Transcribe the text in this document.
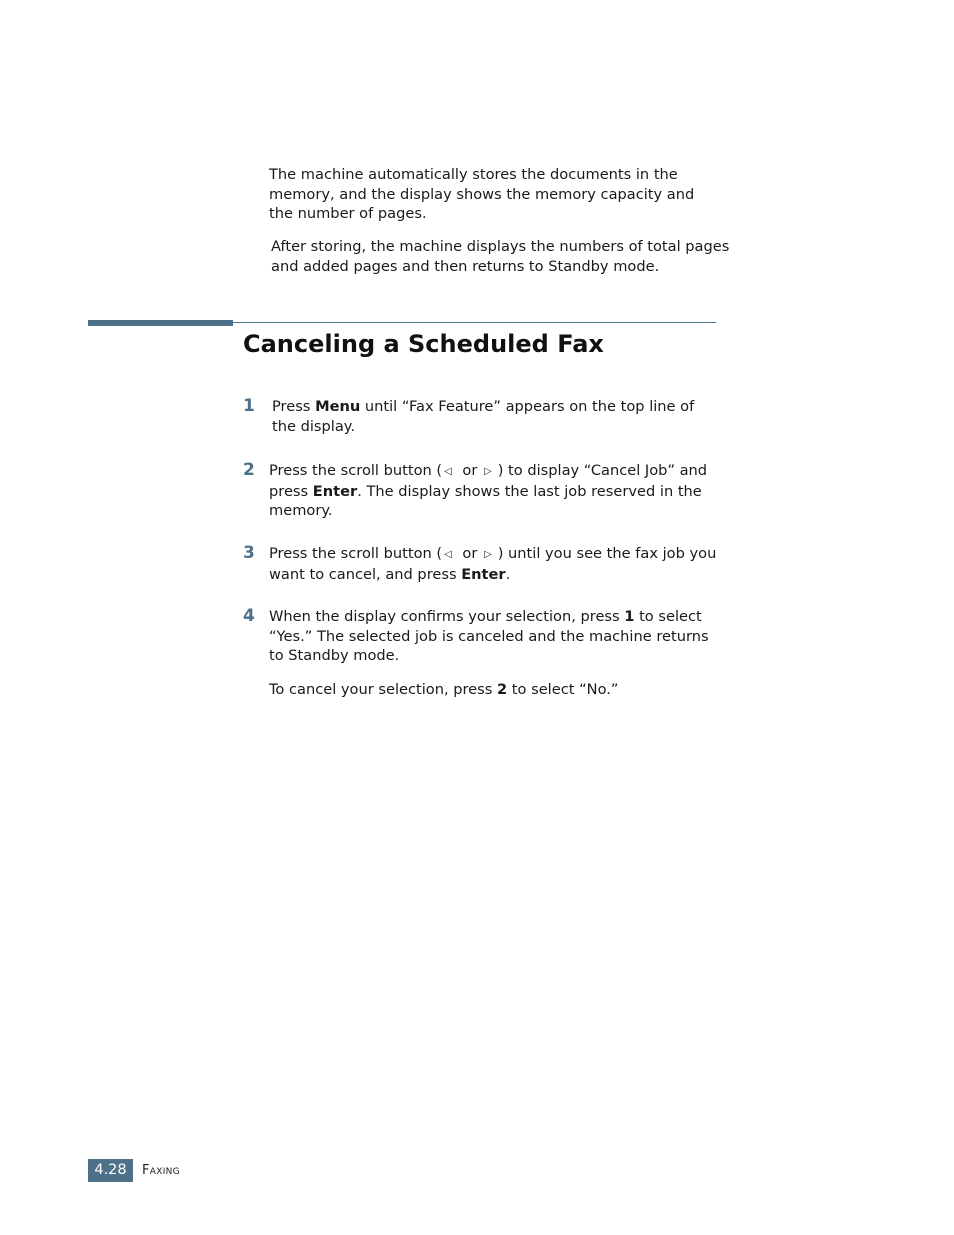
The machine automatically stores the documents in the memory, and the display shows the memory capacity and the number of pages.

After storing, the machine displays the numbers of total pages and added pages and then returns to Standby mode.

Canceling a Scheduled Fax
1 Press Menu until “Fax Feature” appears on the top line of the display.

2 Press the scroll button ( ◁ or ▷ ) to display “Cancel Job” and press Enter. The display shows the last job reserved in the memory.

3 Press the scroll button ( ◁ or ▷ ) until you see the fax job you want to cancel, and press Enter.

4 When the display confirms your selection, press 1 to select “Yes.” The selected job is canceled and the machine returns to Standby mode.

To cancel your selection, press 2 to select “No.”

4.28	Faxing
